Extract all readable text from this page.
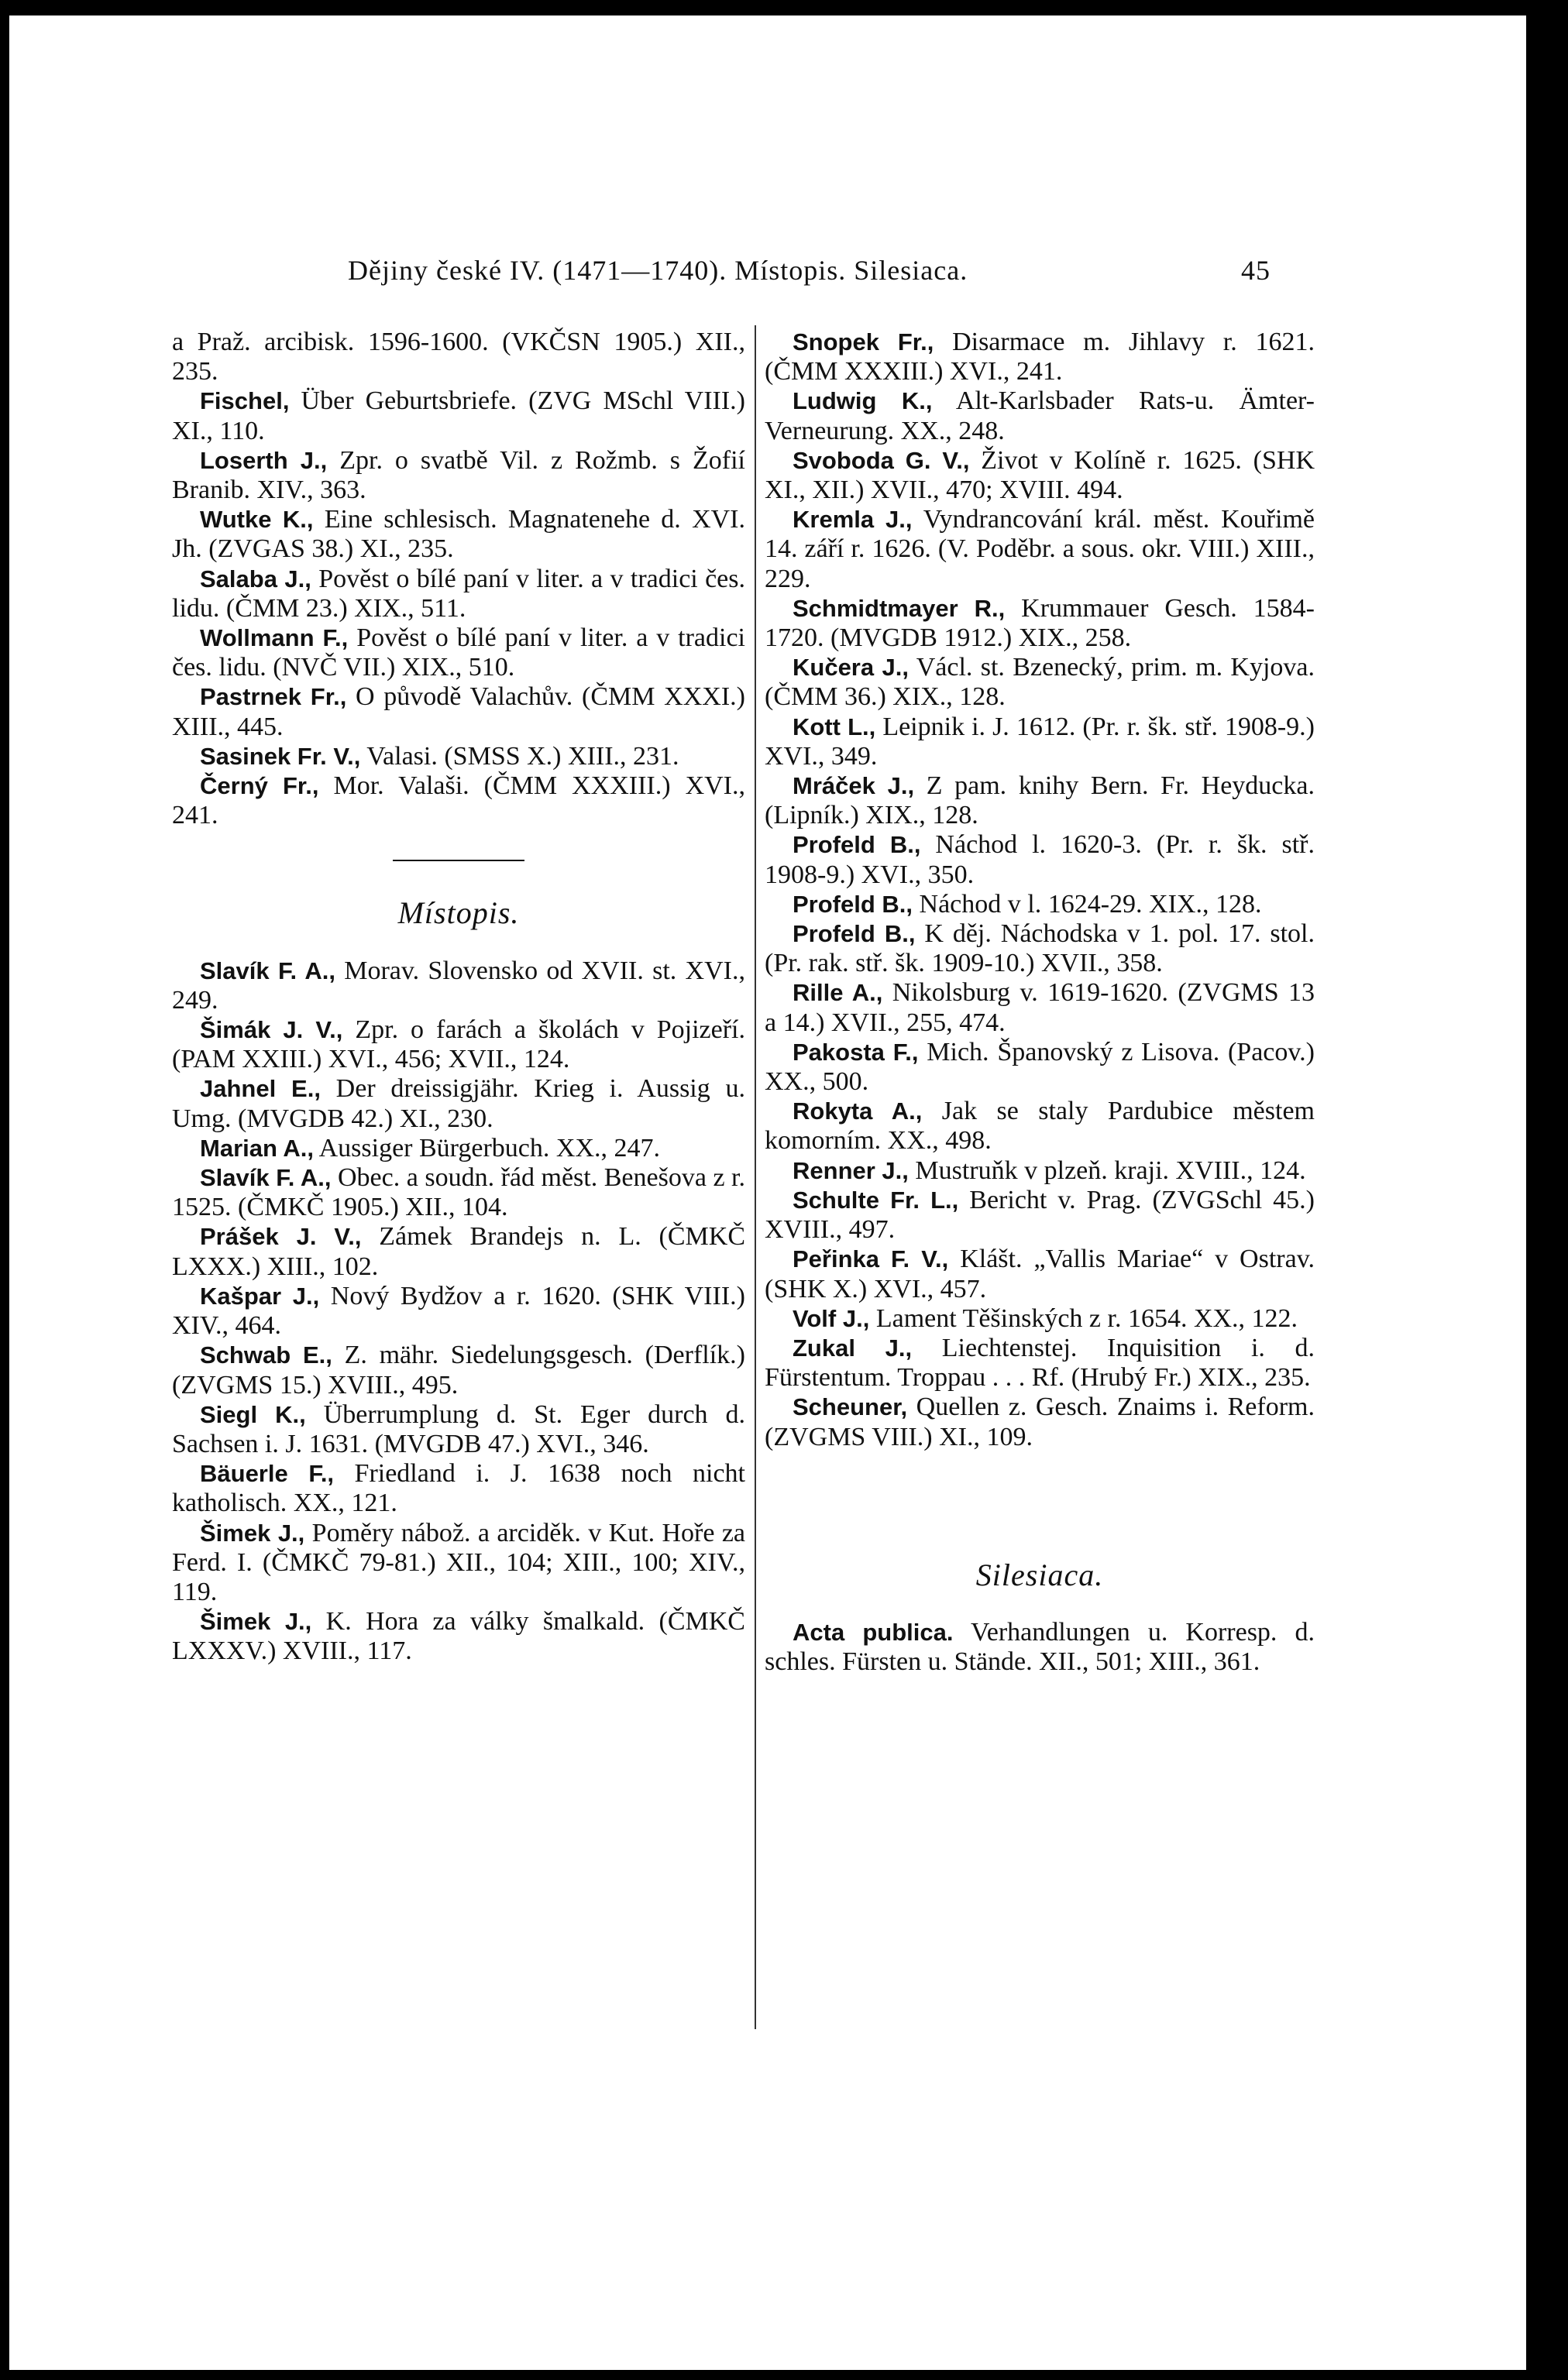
Dějiny české IV. (1471—1740). Místopis. Silesiaca.	45

a Praž. arcibisk. 1596-1600. (VKČSN 1905.) XII., 235.

Fischel, Über Geburtsbriefe. (ZVG MSchl VIII.) XI., 110.

Loserth J., Zpr. o svatbě Vil. z Rožmb. s Žofií Branib. XIV., 363.

Wutke K., Eine schlesisch. Magnatenehe d. XVI. Jh. (ZVGAS 38.) XI., 235.

Salaba J., Pověst o bílé paní v liter. a v tradici čes. lidu. (ČMM 23.) XIX., 511.

Wollmann F., Pověst o bílé paní v liter. a v tradici čes. lidu. (NVČ VII.) XIX., 510.

Pastrnek Fr., O původě Valachův. (ČMM XXXI.) XIII., 445.

Sasinek Fr. V., Valasi. (SMSS X.) XIII., 231.

Černý Fr., Mor. Valaši. (ČMM XXXIII.) XVI., 241.

Místopis.

Slavík F. A., Morav. Slovensko od XVII. st. XVI., 249.

Šimák J. V., Zpr. o farách a školách v Pojizeří. (PAM XXIII.) XVI., 456; XVII., 124.

Jahnel E., Der dreissigjähr. Krieg i. Aussig u. Umg. (MVGDB 42.) XI., 230.

Marian A., Aussiger Bürgerbuch. XX., 247.

Slavík F. A., Obec. a soudn. řád měst. Benešova z r. 1525. (ČMKČ 1905.) XII., 104.

Prášek J. V., Zámek Brandejs n. L. (ČMKČ LXXX.) XIII., 102.

Kašpar J., Nový Bydžov a r. 1620. (SHK VIII.) XIV., 464.

Schwab E., Z. mähr. Siedelungsgesch. (Derflík.) (ZVGMS 15.) XVIII., 495.

Siegl K., Überrumplung d. St. Eger durch d. Sachsen i. J. 1631. (MVGDB 47.) XVI., 346.

Bäuerle F., Friedland i. J. 1638 noch nicht katholisch. XX., 121.

Šimek J., Poměry nábož. a arciděk. v Kut. Hoře za Ferd. I. (ČMKČ 79-81.) XII., 104; XIII., 100; XIV., 119.

Šimek J., K. Hora za války šmalkald. (ČMKČ LXXXV.) XVIII., 117.

Snopek Fr., Disarmace m. Jihlavy r. 1621. (ČMM XXXIII.) XVI., 241.

Ludwig K., Alt-Karlsbader Rats-u. Ämter-Verneurung. XX., 248.

Svoboda G. V., Život v Kolíně r. 1625. (SHK XI., XII.) XVII., 470; XVIII. 494.

Kremla J., Vyndrancování král. měst. Kouřimě 14. září r. 1626. (V. Poděbr. a sous. okr. VIII.) XIII., 229.

Schmidtmayer R., Krummauer Gesch. 1584-1720. (MVGDB 1912.) XIX., 258.

Kučera J., Václ. st. Bzenecký, prim. m. Kyjova. (ČMM 36.) XIX., 128.

Kott L., Leipnik i. J. 1612. (Pr. r. šk. stř. 1908-9.) XVI., 349.

Mráček J., Z pam. knihy Bern. Fr. Heyducka. (Lipník.) XIX., 128.

Profeld B., Náchod l. 1620-3. (Pr. r. šk. stř. 1908-9.) XVI., 350.

Profeld B., Náchod v l. 1624-29. XIX., 128.

Profeld B., K děj. Náchodska v 1. pol. 17. stol. (Pr. rak. stř. šk. 1909-10.) XVII., 358.

Rille A., Nikolsburg v. 1619-1620. (ZVGMS 13 a 14.) XVII., 255, 474.

Pakosta F., Mich. Španovský z Lisova. (Pacov.) XX., 500.

Rokyta A., Jak se staly Pardubice městem komorním. XX., 498.

Renner J., Mustruňk v plzeň. kraji. XVIII., 124.

Schulte Fr. L., Bericht v. Prag. (ZVGSchl 45.) XVIII., 497.

Peřinka F. V., Klášt. „Vallis Mariae“ v Ostrav. (SHK X.) XVI., 457.

Volf J., Lament Těšinských z r. 1654. XX., 122.

Zukal J., Liechtenstej. Inquisition i. d. Fürstentum. Troppau . . . Rf. (Hrubý Fr.) XIX., 235.

Scheuner, Quellen z. Gesch. Znaims i. Reform. (ZVGMS VIII.) XI., 109.

Silesiaca.

Acta publica. Verhandlungen u. Korresp. d. schles. Fürsten u. Stände. XII., 501; XIII., 361.
